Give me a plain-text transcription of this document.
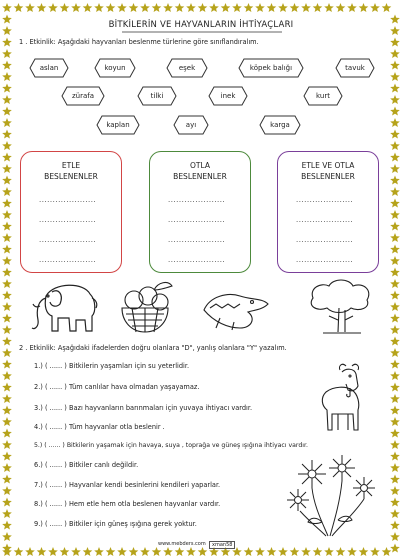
BİTKİLERİN VE HAYVANLARIN İHTİYAÇLARI
1 . Etkinlik: Aşağıdaki hayvanları beslenme türlerine göre sınıflandıralım.
aslan	koyun	eşek	köpek balığı	tavuk
zürafa	tilki	inek	kurt
kaplan	ayı	karga
ETLE
BESLENENLER
.....................
.....................
.....................
.....................
OTLA
BESLENENLER
.....................
.....................
.....................
.....................
ETLE VE OTLA
BESLENENLER
.....................
.....................
.....................
.....................
2 . Etkinlik: Aşağıdaki ifadelerden doğru olanlara "D", yanlış olanlara "Y" yazalım.
1.) ( ...... ) Bitkilerin yaşamları için su yeterlidir.
2.) ( ...... ) Tüm canlılar hava olmadan yaşayamaz.
3.) ( ...... ) Bazı hayvanların barınmaları için yuvaya ihtiyacı vardır.
4.) ( ...... ) Tüm hayvanlar otla beslenir .
5.) ( ...... ) Bitkilerin yaşamak için havaya, suya , toprağa ve güneş ışığına ihtiyacı vardır.
6.) ( ...... ) Bitkiler canlı değildir.
7.) ( ...... ) Hayvanlar kendi besinlerini kendileri yaparlar.
8.) ( ...... ) Hem etle hem otla beslenen hayvanlar vardır.
9.) ( ...... ) Bitkiler için güneş ışığına gerek yoktur.
www.mebders.com	xman58
